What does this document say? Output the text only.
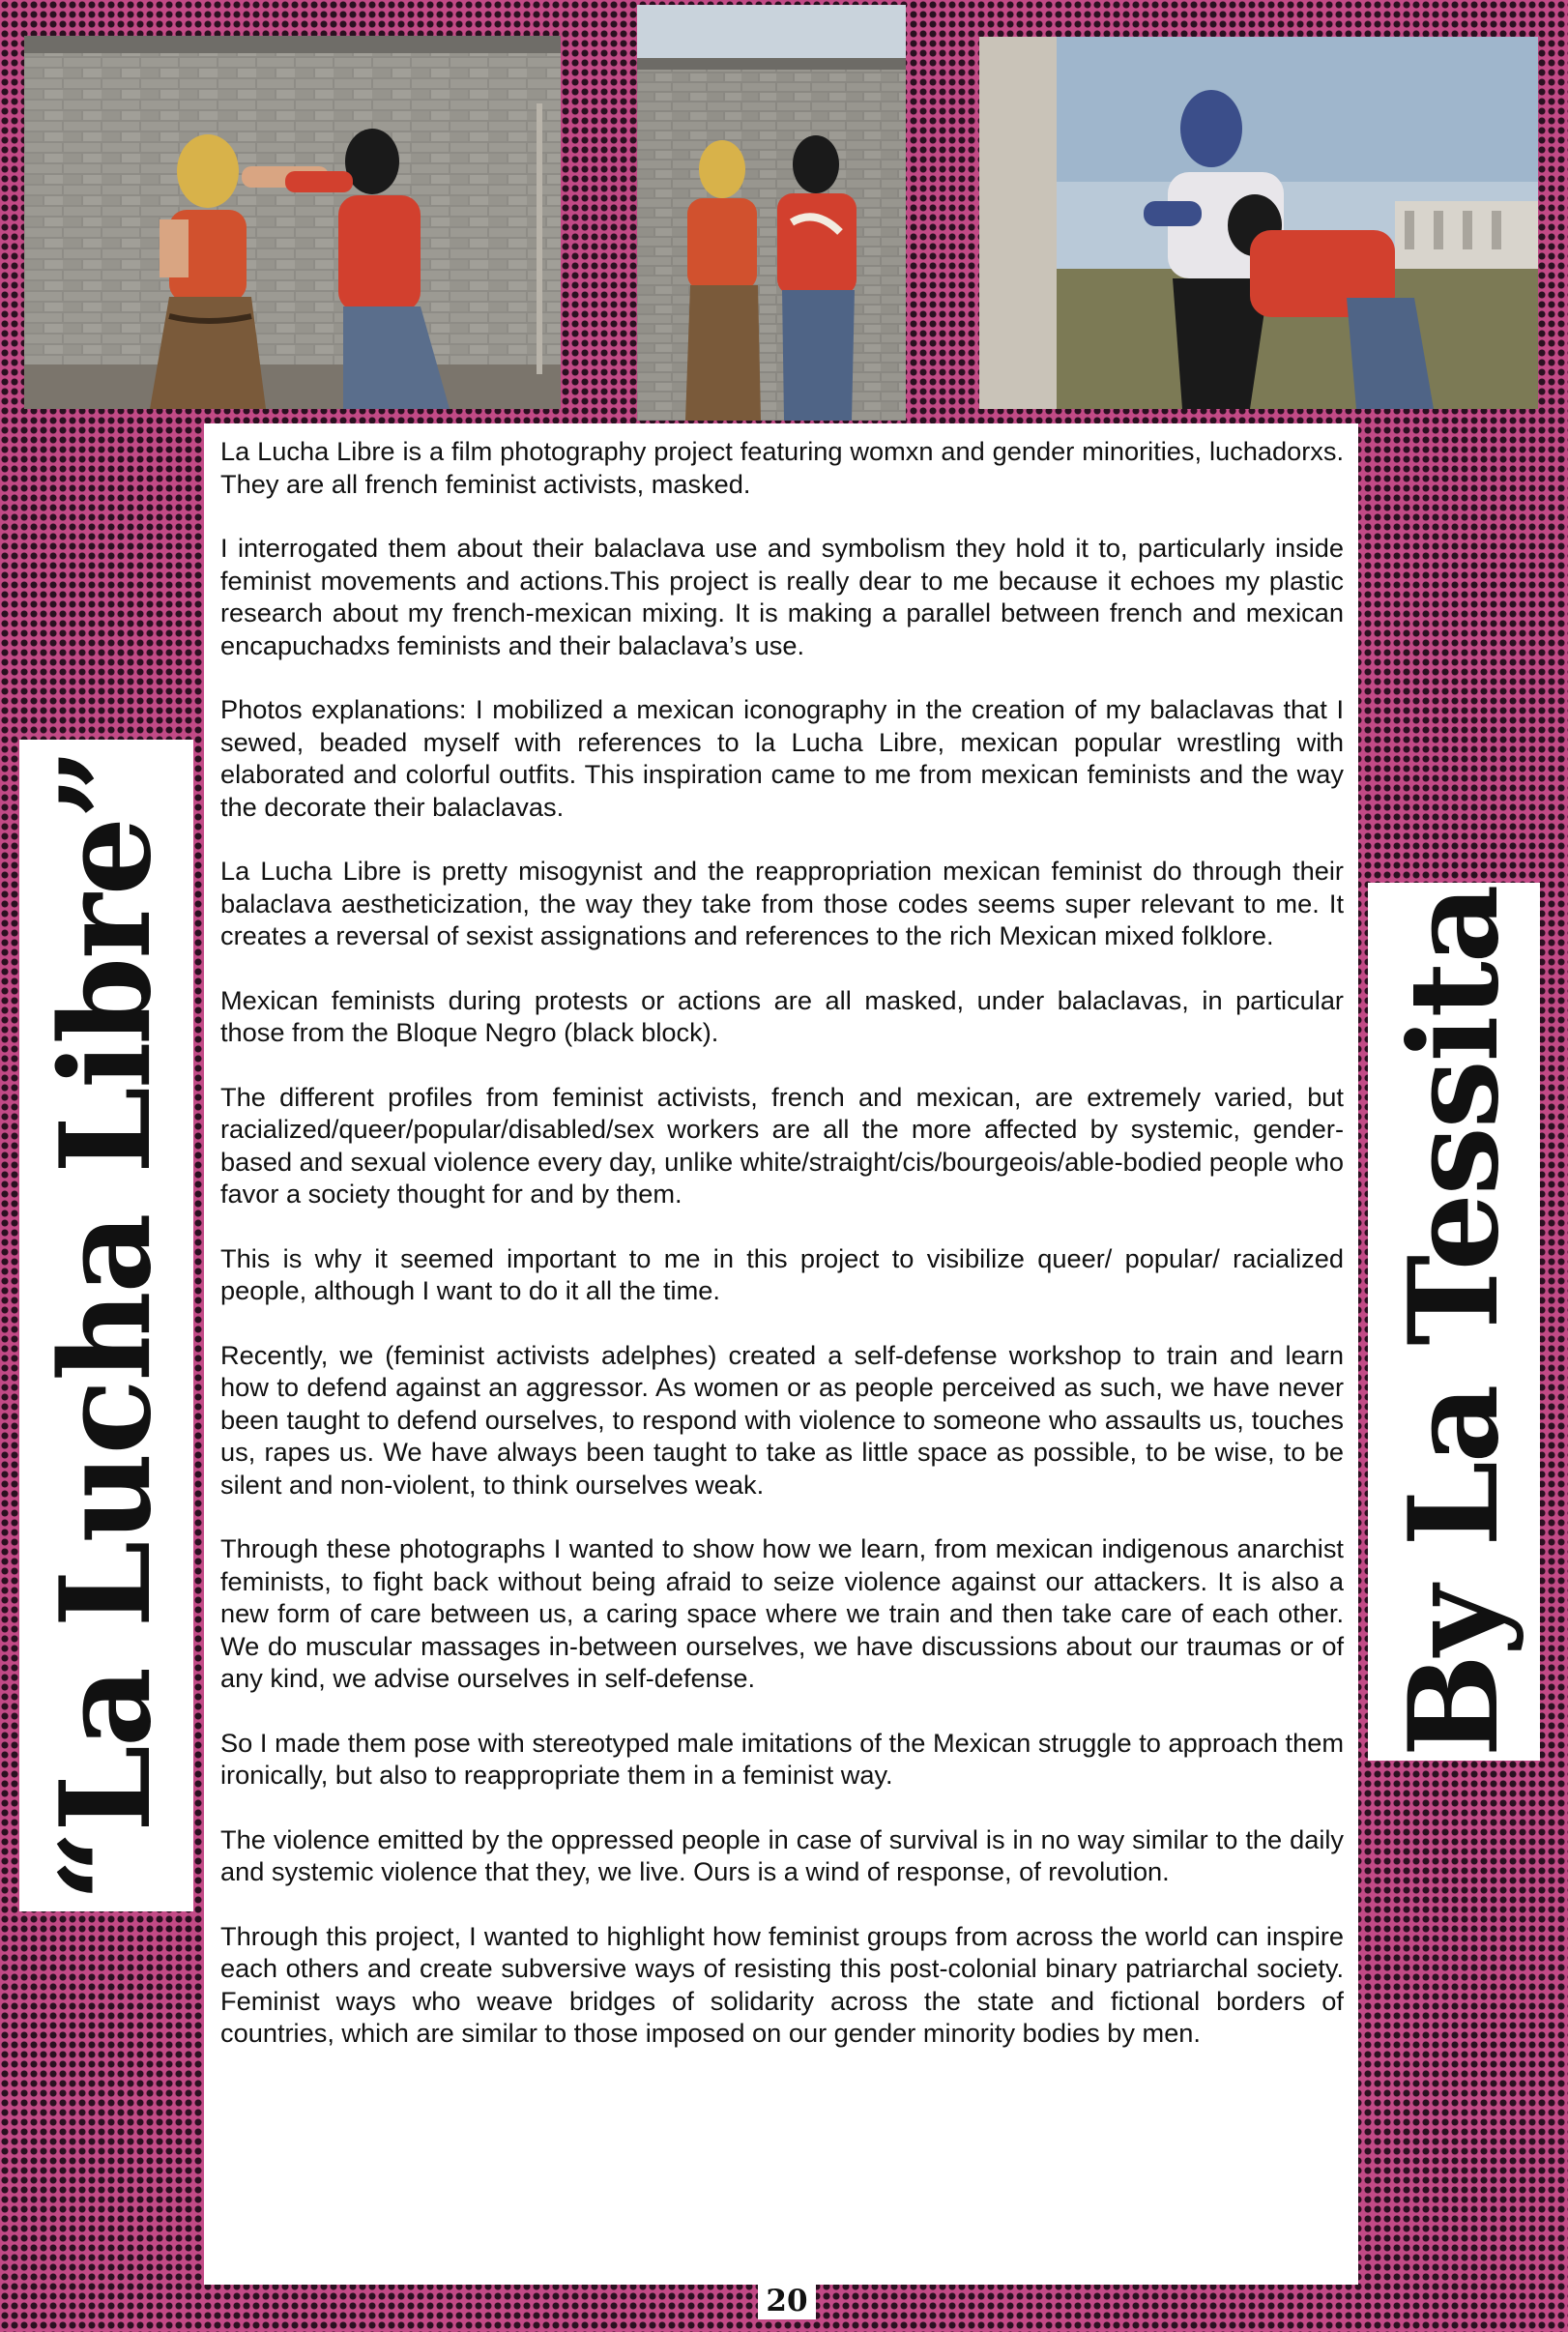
La Lucha Libre is a film photography project featuring womxn and gender minorities, luchadorxs. They are all french feminist activists, masked.

I interrogated them about their balaclava use and symbolism they hold it to, particularly inside feminist movements and actions.This project is really dear to me because it echoes my plastic research about my french-mexican mixing. It is making a parallel between french and mexican encapuchadxs feminists and their balaclava’s use.

Photos explanations: I mobilized a mexican iconography in the creation of my balaclavas that I sewed, beaded myself with references to la Lucha Libre, mexican popular wrestling with elaborated and colorful outfits. This inspiration came to me from mexican feminists and the way the decorate their balaclavas.

La Lucha Libre is pretty misogynist and the reappropriation mexican feminist do through their balaclava aestheticization, the way they take from those codes seems super relevant to me. It creates a reversal of sexist assignations and references to the rich Mexican mixed folklore.

Mexican feminists during protests or actions are all masked, under balaclavas, in particular those from the Bloque Negro (black block).

The different profiles from feminist activists, french and mexican, are extremely varied, but racialized/queer/popular/disabled/sex workers are all the more affected by systemic, gender-based and sexual violence every day, unlike white/straight/cis/bourgeois/able-bodied people who favor a society thought for and by them.

This is why it seemed important to me in this project to visibilize queer/ popular/ racialized people, although I want to do it all the time.

Recently, we (feminist activists adelphes) created a self-defense workshop to train and learn how to defend against an aggressor. As women or as people perceived as such, we have never been taught to defend ourselves, to respond with violence to someone who assaults us, touches us, rapes us. We have always been taught to take as little space as possible, to be wise, to be silent and non-violent, to think ourselves weak.

Through these photographs I wanted to show how we learn, from mexican indigenous anarchist feminists, to fight back without being afraid to seize violence against our attackers. It is also a new form of care between us, a caring space where we train and then take care of each other. We do muscular massages in-between ourselves, we have discussions about our traumas or of any kind, we advise ourselves in self-defense.

So I made them pose with stereotyped male imitations of the Mexican struggle to approach them ironically, but also to reappropriate them in a feminist way.

The violence emitted by the oppressed people in case of survival is in no way similar to the daily and systemic violence that they, we live. Ours is a wind of response, of revolution.

Through this project, I wanted to highlight how feminist groups from across the world can inspire each others and create subversive ways of resisting this post-colonial binary patriarchal society. Feminist ways who weave bridges of solidarity across the state and fictional borders of countries, which are similar to those imposed on our gender minority bodies by men.

“La Lucha Libre”	By La Tessita
20
